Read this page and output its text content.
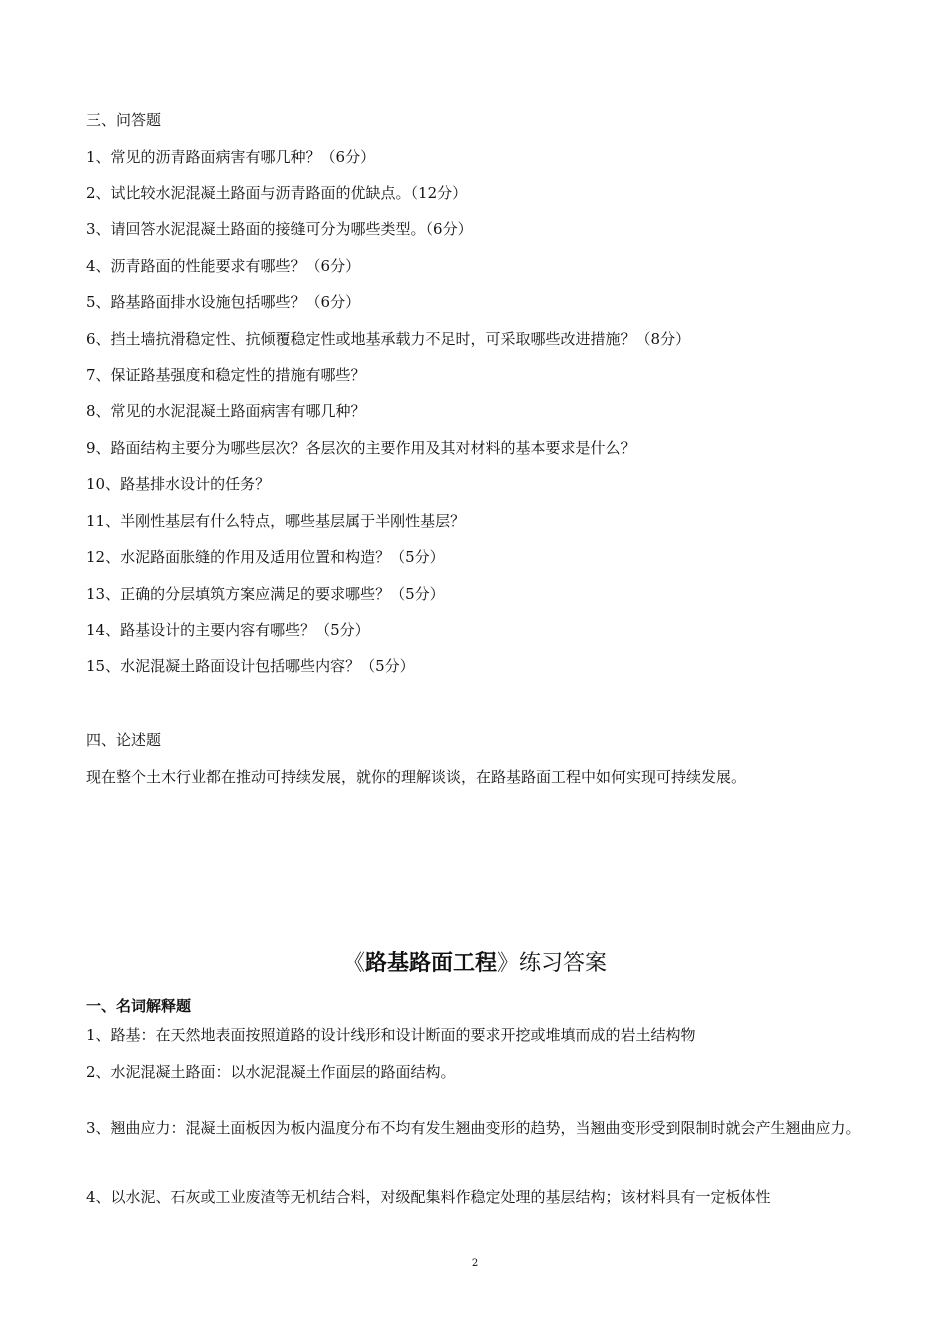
三、问答题
1、常见的沥青路面病害有哪几种？（6分）
2、试比较水泥混凝土路面与沥青路面的优缺点。（12分）
3、请回答水泥混凝土路面的接缝可分为哪些类型。（6分）
4、沥青路面的性能要求有哪些？（6分）
5、路基路面排水设施包括哪些？（6分）
6、挡土墙抗滑稳定性、抗倾覆稳定性或地基承载力不足时，可采取哪些改进措施？（8分）
7、保证路基强度和稳定性的措施有哪些？
8、常见的水泥混凝土路面病害有哪几种？
9、路面结构主要分为哪些层次？各层次的主要作用及其对材料的基本要求是什么？
10、路基排水设计的任务？
11、半刚性基层有什么特点，哪些基层属于半刚性基层？
12、水泥路面胀缝的作用及适用位置和构造？（5分）
13、正确的分层填筑方案应满足的要求哪些？（5分）
14、路基设计的主要内容有哪些？（5分）
15、水泥混凝土路面设计包括哪些内容？（5分）
四、论述题
现在整个土木行业都在推动可持续发展，就你的理解谈谈，在路基路面工程中如何实现可持续发展。
《路基路面工程》练习答案
一、名词解释题
1、路基：在天然地表面按照道路的设计线形和设计断面的要求开挖或堆填而成的岩土结构物
2、水泥混凝土路面：以水泥混凝土作面层的路面结构。
3、翘曲应力：混凝土面板因为板内温度分布不均有发生翘曲变形的趋势，当翘曲变形受到限制时就会产生翘曲应力。
4、以水泥、石灰或工业废渣等无机结合料，对级配集料作稳定处理的基层结构；该材料具有一定板体性
2
